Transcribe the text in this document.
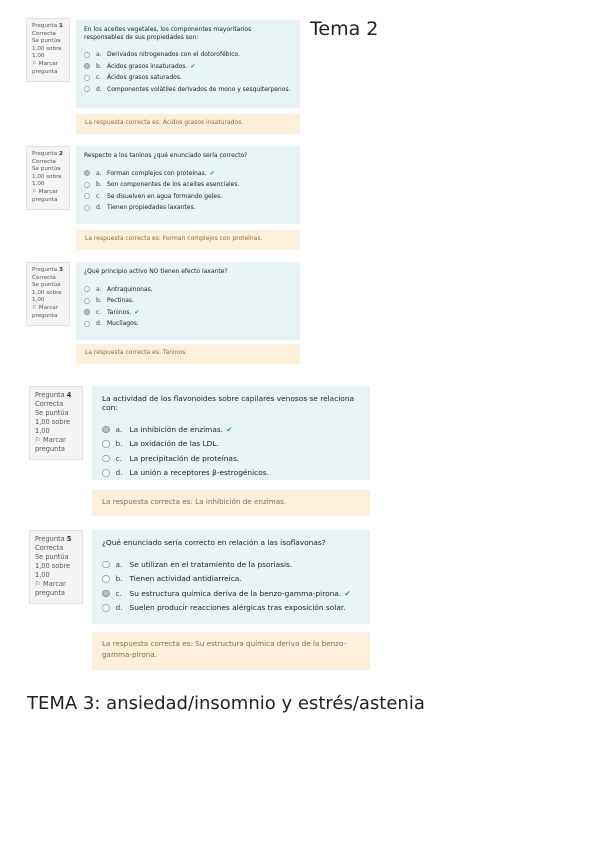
Tema 2
Pregunta 1
Correcta
Se puntúa 1,00 sobre 1,00
⚐ Marcar pregunta
En los aceites vegetales, los componentes mayoritarios responsables de sus propiedades son:
a. Derivados nitrogenados con el dotorofébico.
b. Ácidos grasos insaturados. ✔
c. Ácidos grasos saturados.
d. Componentes volátiles derivados de mono y sesquiterpenos.
La respuesta correcta es: Ácidos grasos insaturados.
Pregunta 2
Correcta
Se puntúa 1,00 sobre 1,00
⚐ Marcar pregunta
Respecto a los taninos ¿qué enunciado sería correcto?
a. Forman complejos con proteínas. ✔
b. Son componentes de los aceites esenciales.
c. Se disuelven en agua formando geles.
d. Tienen propiedades laxantes.
La respuesta correcta es: Forman complejos con proteínas.
Pregunta 3
Correcta
Se puntúa 1,00 sobre 1,00
⚐ Marcar pregunta
¿Qué principio activo NO tienen efecto laxante?
a. Antraquinonas.
b. Pectinas.
c. Taninos. ✔
d. Mucílagos.
La respuesta correcta es: Taninos.
Pregunta 4
Correcta
Se puntúa 1,00 sobre 1,00
⚐ Marcar pregunta
La actividad de los flavonoides sobre capilares venosos se relaciona con:
a. La inhibición de enzimas. ✔
b. La oxidación de las LDL.
c.	La precipitación de proteínas.
d. La unión a receptores β-estrogénicos.
La respuesta correcta es: La inhibición de enzimas.
Pregunta 5
Correcta
Se puntúa 1,00 sobre 1,00
⚐ Marcar pregunta
¿Qué enunciado sería correcto en relación a las isoflavonas?
a. Se utilizan en el tratamiento de la psoriasis.
b. Tienen actividad antidiarreica.
c.	Su estructura química deriva de la benzo-gamma-pirona. ✔
d. Suelen producir reacciones alérgicas tras exposición solar.
La respuesta correcta es: Su estructura química deriva de la benzo-gamma-pirona.
TEMA 3: ansiedad/insomnio y estrés/astenia
